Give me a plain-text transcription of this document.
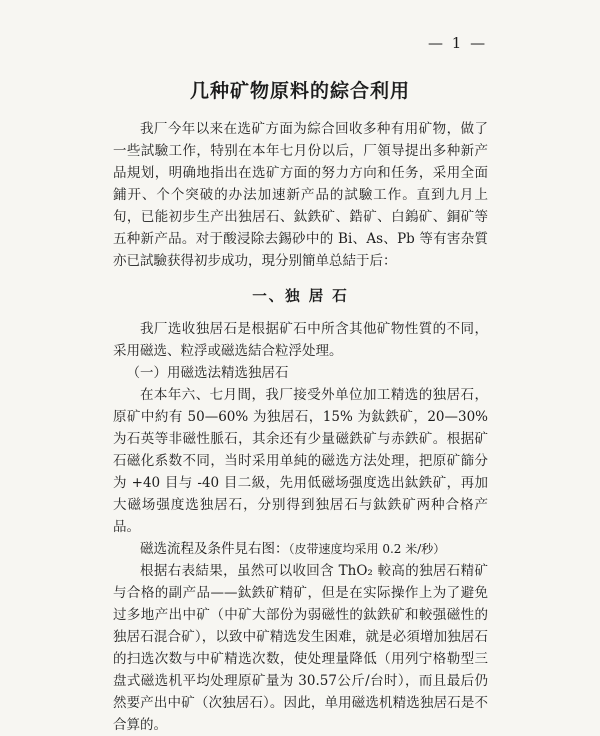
— 1 —
几种矿物原料的綜合利用

我厂今年以来在选矿方面为綜合回收多种有用矿物，做了一些試驗工作，特别在本年七月份以后，厂領导提出多种新产品規划，明确地指出在选矿方面的努力方向和任务，采用全面鋪开、个个突破的办法加速新产品的試驗工作。直到九月上旬，已能初步生产出独居石、鈦鉄矿、鋯矿、白鎢矿、銅矿等五种新产品。对于酸浸除去錫砂中的 Bi、As、Pb 等有害杂質亦已試驗获得初步成功，現分别簡单总結于后：

一、独 居 石

我厂选收独居石是根据矿石中所含其他矿物性質的不同，采用磁选、粒浮或磁选結合粒浮处理。

（一）用磁选法精选独居石

在本年六、七月間，我厂接受外单位加工精选的独居石，原矿中約有 50—60% 为独居石，15% 为鈦鉄矿，20—30% 为石英等非磁性脈石，其余还有少量磁鉄矿与赤鉄矿。根据矿石磁化系数不同，当时采用单純的磁选方法处理，把原矿篩分为 +40 目与 -40 目二級，先用低磁场强度选出鈦鉄矿，再加大磁场强度选独居石，分别得到独居石与鈦鉄矿两种合格产品。

磁选流程及条件見右图：（皮带速度均采用 0.2 米/秒）

根据右表結果，虽然可以收回含 ThO₂ 較高的独居石精矿与合格的副产品——鈦鉄矿精矿，但是在实际操作上为了避免过多地产出中矿（中矿大部份为弱磁性的鈦鉄矿和較强磁性的独居石混合矿），以致中矿精选发生困难，就是必須增加独居石的扫选次数与中矿精选次数，使处理量降低（用列宁格勒型三盘式磁选机平均处理原矿量为 30.57公斤/台时），而且最后仍然要产出中矿（次独居石）。因此，单用磁选机精选独居石是不合算的。
